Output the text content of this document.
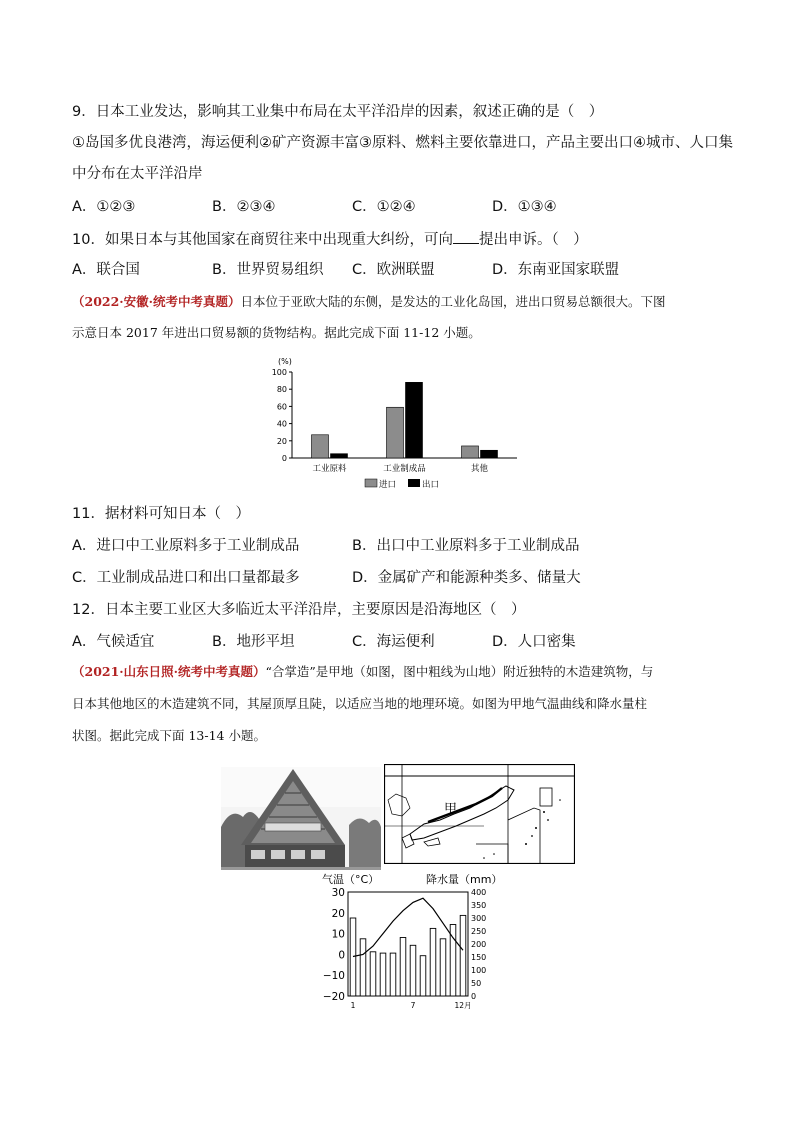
9．日本工业发达，影响其工业集中布局在太平洋沿岸的因素，叙述正确的是（　）
①岛国多优良港湾，海运便利②矿产资源丰富③原料、燃料主要依靠进口，产品主要出口④城市、人口集
中分布在太平洋沿岸
A．①②③	B．②③④	C．①②④	D．①③④
10．如果日本与其他国家在商贸往来中出现重大纠纷，可向 提出申诉。（　）
A．联合国	B．世界贸易组织 C．欧洲联盟	D．东南亚国家联盟
（2022·安徽·统考中考真题）日本位于亚欧大陆的东侧，是发达的工业化岛国，进出口贸易总额很大。下图
示意日本 2017 年进出口贸易额的货物结构。据此完成下面 11-12 小题。
(%)
0
20
40
60
80
100
工业原料	工业制成品	其他
进口	出口
11．据材料可知日本（　）
A．进口中工业原料多于工业制成品	B．出口中工业原料多于工业制成品
C．工业制成品进口和出口量都最多	D．金属矿产和能源种类多、储量大
12．日本主要工业区大多临近太平洋沿岸，主要原因是沿海地区（　）
A．气候适宜	B．地形平坦	C．海运便利	D．人口密集
（2021·山东日照·统考中考真题）“合掌造”是甲地（如图，图中粗线为山地）附近独特的木造建筑物，与
日本其他地区的木造建筑不同，其屋顶厚且陡，以适应当地的地理环境。如图为甲地气温曲线和降水量柱
状图。据此完成下面 13-14 小题。
甲
气温（°C）	降水量（mm）
30
20
10
0
−10
−20
400
350
300
250
200
150
100
50
0
1	7	12月
